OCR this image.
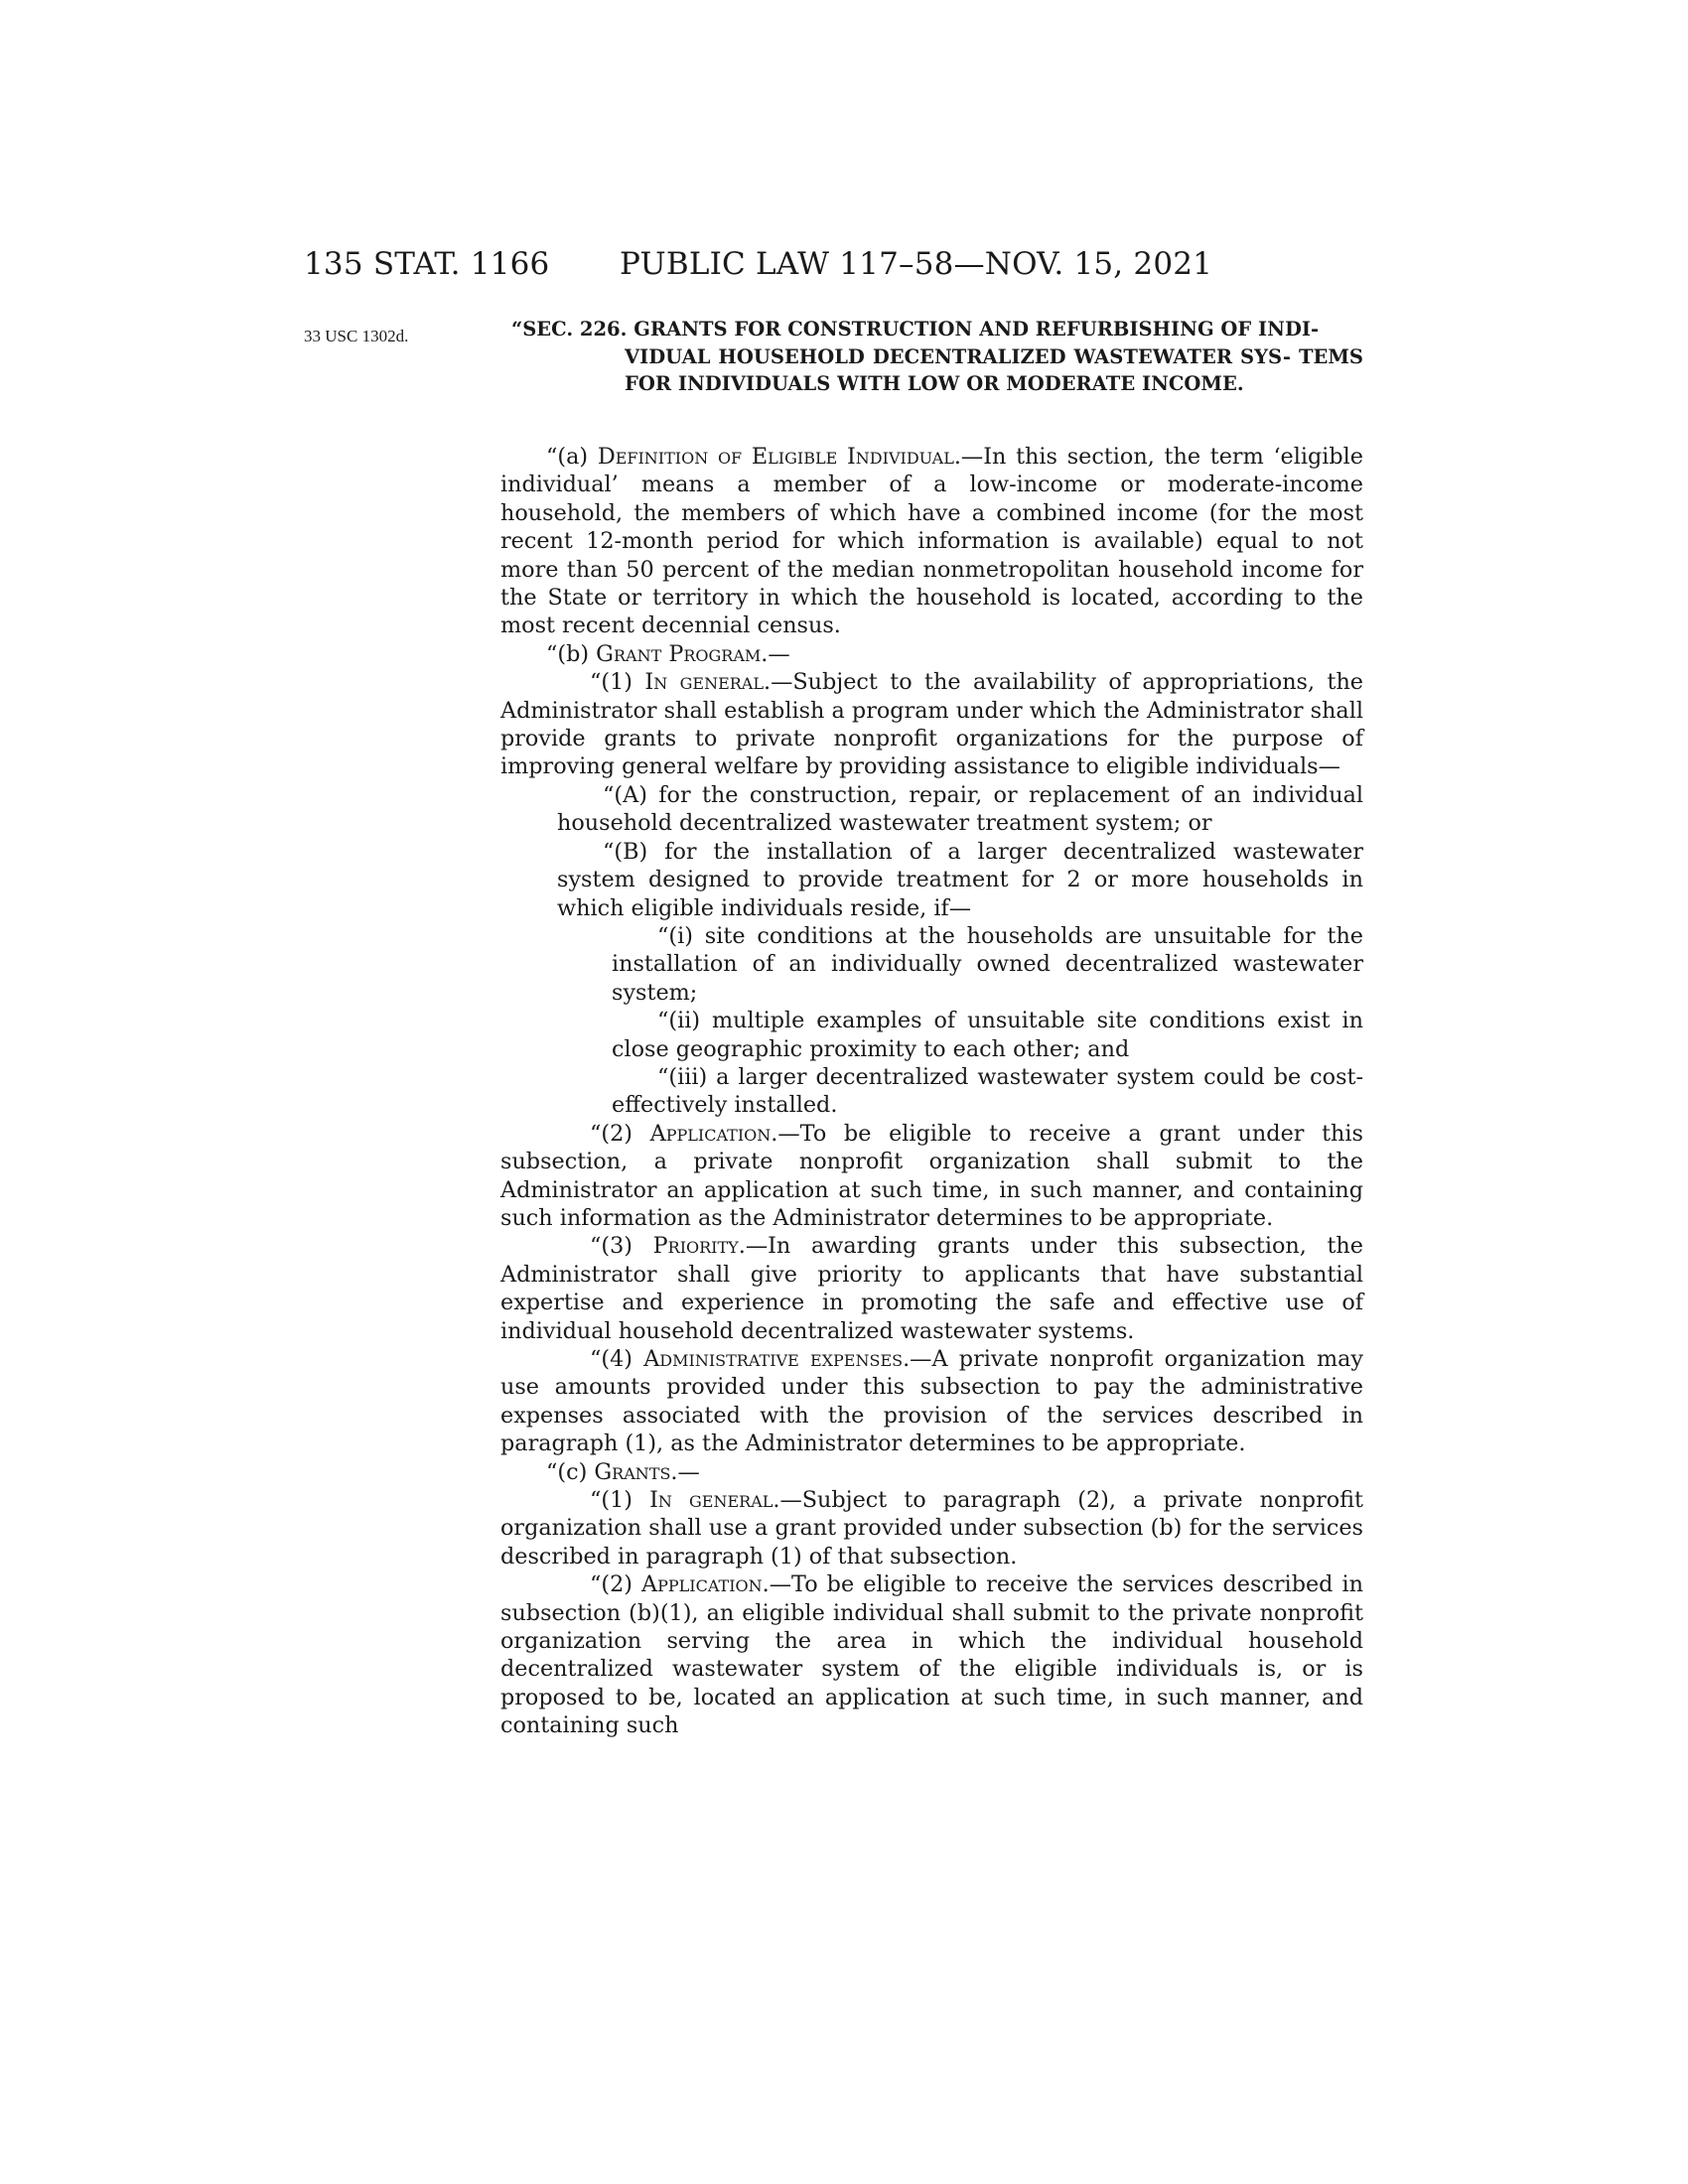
135 STAT. 1166 PUBLIC LAW 117–58—NOV. 15, 2021
33 USC 1302d.	“SEC. 226. GRANTS FOR CONSTRUCTION AND REFURBISHING OF INDI-
VIDUAL HOUSEHOLD DECENTRALIZED WASTEWATER SYS- TEMS FOR INDIVIDUALS WITH LOW OR MODERATE INCOME.

“(a) Definition of Eligible Individual.—In this section, the term ‘eligible individual’ means a member of a low-income or moderate-income household, the members of which have a combined income (for the most recent 12-month period for which information is available) equal to not more than 50 percent of the median nonmetropolitan household income for the State or territory in which the household is located, according to the most recent decennial census.

“(b) Grant Program.—

“(1) In general.—Subject to the availability of appropriations, the Administrator shall establish a program under which the Administrator shall provide grants to private nonprofit organizations for the purpose of improving general welfare by providing assistance to eligible individuals—

“(A) for the construction, repair, or replacement of an individual household decentralized wastewater treatment system; or

“(B) for the installation of a larger decentralized wastewater system designed to provide treatment for 2 or more households in which eligible individuals reside, if—

“(i) site conditions at the households are unsuitable for the installation of an individually owned decentralized wastewater system;

“(ii) multiple examples of unsuitable site conditions exist in close geographic proximity to each other; and

“(iii) a larger decentralized wastewater system could be cost-effectively installed.

“(2) Application.—To be eligible to receive a grant under this subsection, a private nonprofit organization shall submit to the Administrator an application at such time, in such manner, and containing such information as the Administrator determines to be appropriate.

“(3) Priority.—In awarding grants under this subsection, the Administrator shall give priority to applicants that have substantial expertise and experience in promoting the safe and effective use of individual household decentralized wastewater systems.

“(4) Administrative expenses.—A private nonprofit organization may use amounts provided under this subsection to pay the administrative expenses associated with the provision of the services described in paragraph (1), as the Administrator determines to be appropriate.

“(c) Grants.—

“(1) In general.—Subject to paragraph (2), a private nonprofit organization shall use a grant provided under subsection (b) for the services described in paragraph (1) of that subsection.

“(2) Application.—To be eligible to receive the services described in subsection (b)(1), an eligible individual shall submit to the private nonprofit organization serving the area in which the individual household decentralized wastewater system of the eligible individuals is, or is proposed to be, located an application at such time, in such manner, and containing such
